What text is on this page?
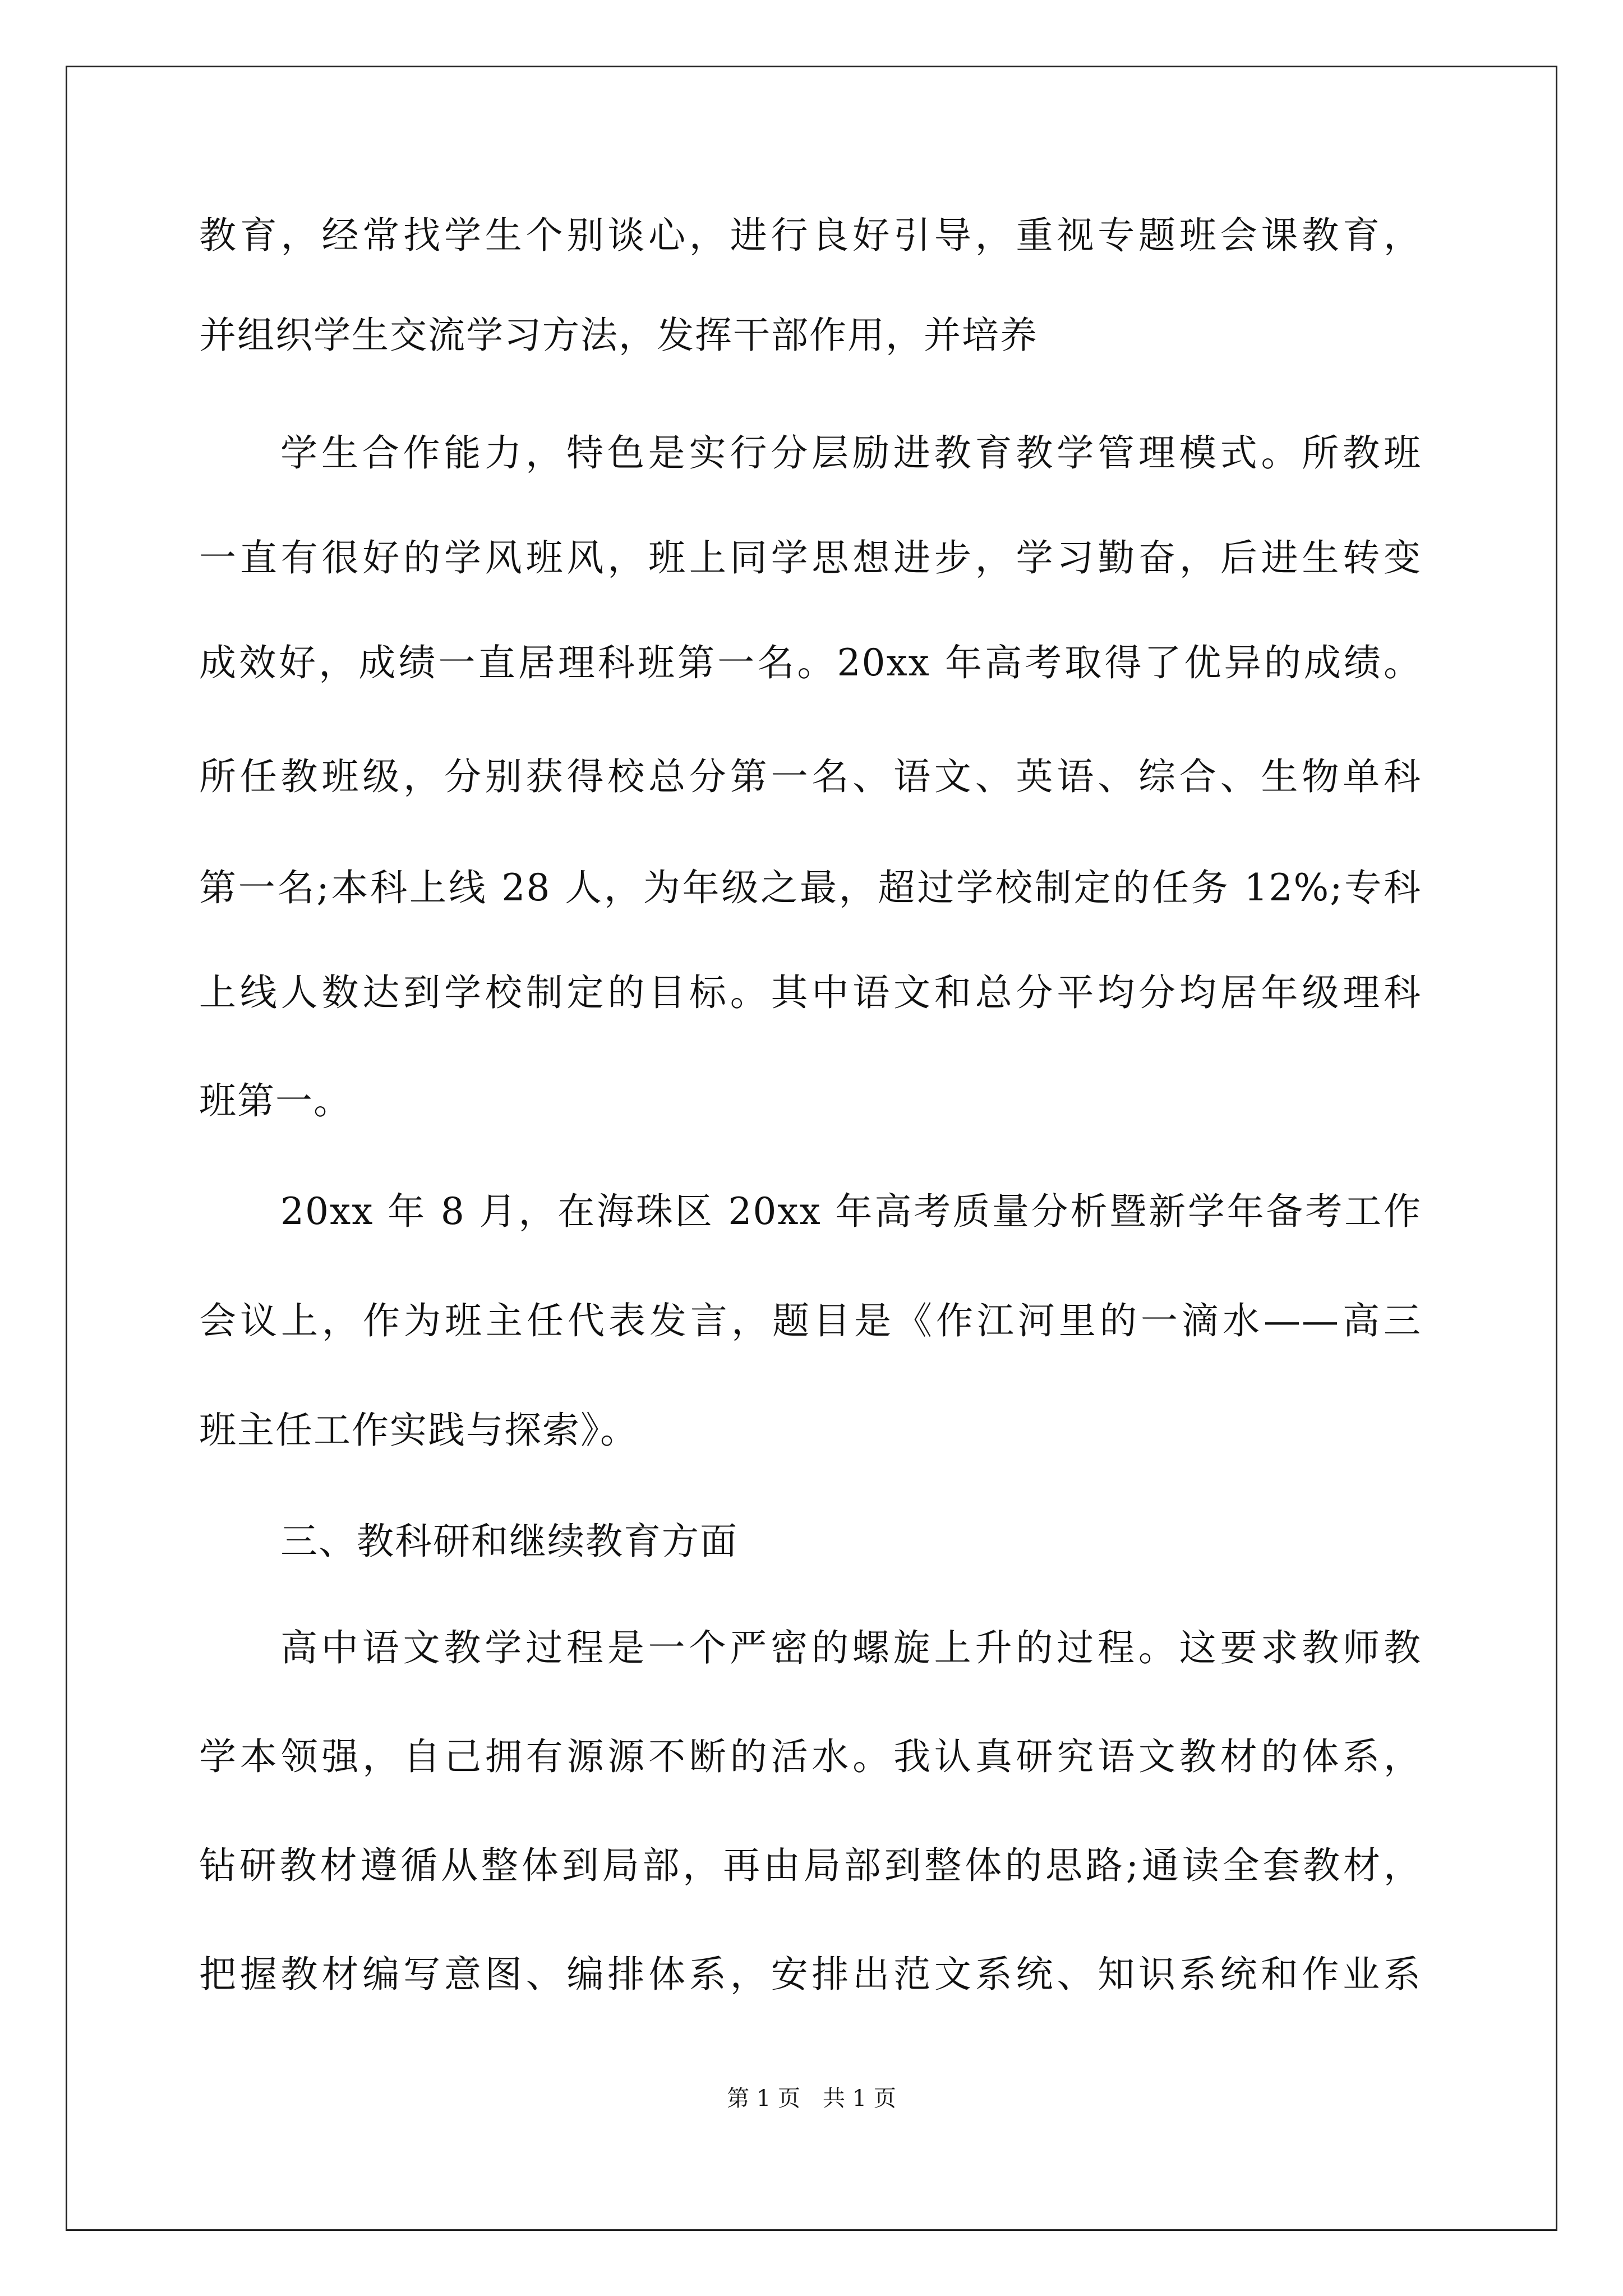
教育，经常找学生个别谈心，进行良好引导，重视专题班会课教育，
并组织学生交流学习方法，发挥干部作用，并培养
学生合作能力，特色是实行分层励进教育教学管理模式。所教班
一直有很好的学风班风，班上同学思想进步，学习勤奋，后进生转变
成效好，成绩一直居理科班第一名。20xx 年高考取得了优异的成绩。
所任教班级，分别获得校总分第一名、语文、英语、综合、生物单科
第一名;本科上线 28 人，为年级之最，超过学校制定的任务 12%;专科
上线人数达到学校制定的目标。其中语文和总分平均分均居年级理科
班第一。
20xx 年 8 月，在海珠区 20xx 年高考质量分析暨新学年备考工作
会议上，作为班主任代表发言，题目是《作江河里的一滴水——高三
班主任工作实践与探索》。
三、教科研和继续教育方面
高中语文教学过程是一个严密的螺旋上升的过程。这要求教师教
学本领强，自己拥有源源不断的活水。我认真研究语文教材的体系，
钻研教材遵循从整体到局部，再由局部到整体的思路;通读全套教材，
把握教材编写意图、编排体系，安排出范文系统、知识系统和作业系
第 1 页　共 1 页
